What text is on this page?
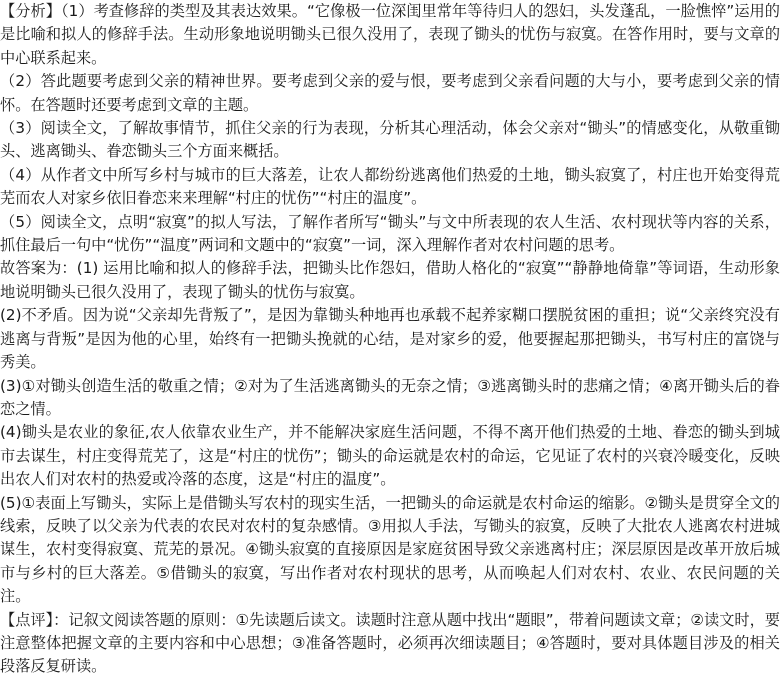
【分析】（1）考查修辞的类型及其表达效果。“它像极一位深闺里常年等待归人的怨妇，头发蓬乱，一脸憔悴”运用的是比喻和拟人的修辞手法。生动形象地说明锄头已很久没用了，表现了锄头的忧伤与寂寞。在答作用时，要与文章的中心联系起来。

（2）答此题要考虑到父亲的精神世界。要考虑到父亲的爱与恨，要考虑到父亲看问题的大与小，要考虑到父亲的情怀。在答题时还要考虑到文章的主题。

（3）阅读全文，了解故事情节，抓住父亲的行为表现，分析其心理活动，体会父亲对“锄头”的情感变化，从敬重锄头、逃离锄头、眷恋锄头三个方面来概括。

（4）从作者文中所写乡村与城市的巨大落差，让农人都纷纷逃离他们热爱的土地，锄头寂寞了，村庄也开始变得荒芜而农人对家乡依旧眷恋来来理解“村庄的忧伤”“村庄的温度”。

（5）阅读全文，点明“寂寞”的拟人写法，了解作者所写“锄头”与文中所表现的农人生活、农村现状等内容的关系，抓住最后一句中“忧伤”“温度”两词和文题中的“寂寞”一词，深入理解作者对农村问题的思考。

故答案为：(1) 运用比喻和拟人的修辞手法，把锄头比作怨妇，借助人格化的“寂寞”“静静地倚靠”等词语，生动形象地说明锄头已很久没用了，表现了锄头的忧伤与寂寞。

(2)不矛盾。因为说“父亲却先背叛了”，是因为靠锄头种地再也承载不起养家糊口摆脱贫困的重担；说“父亲终究没有逃离与背叛”是因为他的心里，始终有一把锄头挽就的心结，是对家乡的爱，他要握起那把锄头，书写村庄的富饶与秀美。

(3)①对锄头创造生活的敬重之情；②对为了生活逃离锄头的无奈之情；③逃离锄头时的悲痛之情；④离开锄头后的眷恋之情。

(4)锄头是农业的象征,农人依靠农业生产，并不能解决家庭生活问题，不得不离开他们热爱的土地、眷恋的锄头到城市去谋生，村庄变得荒芜了，这是“村庄的忧伤”；锄头的命运就是农村的命运，它见证了农村的兴衰冷暖变化，反映出农人们对农村的热爱或冷落的态度，这是“村庄的温度”。

(5)①表面上写锄头，实际上是借锄头写农村的现实生活，一把锄头的命运就是农村命运的缩影。②锄头是贯穿全文的线索，反映了以父亲为代表的农民对农村的复杂感情。③用拟人手法，写锄头的寂寞，反映了大批农人逃离农村进城谋生，农村变得寂寞、荒芜的景况。④锄头寂寞的直接原因是家庭贫困导致父亲逃离村庄；深层原因是改革开放后城市与乡村的巨大落差。⑤借锄头的寂寞，写出作者对农村现状的思考，从而唤起人们对农村、农业、农民问题的关注。

【点评】：记叙文阅读答题的原则：①先读题后读文。读题时注意从题中找出“题眼”，带着问题读文章；②读文时，要注意整体把握文章的主要内容和中心思想；③准备答题时，必须再次细读题目；④答题时，要对具体题目涉及的相关段落反复研读。
